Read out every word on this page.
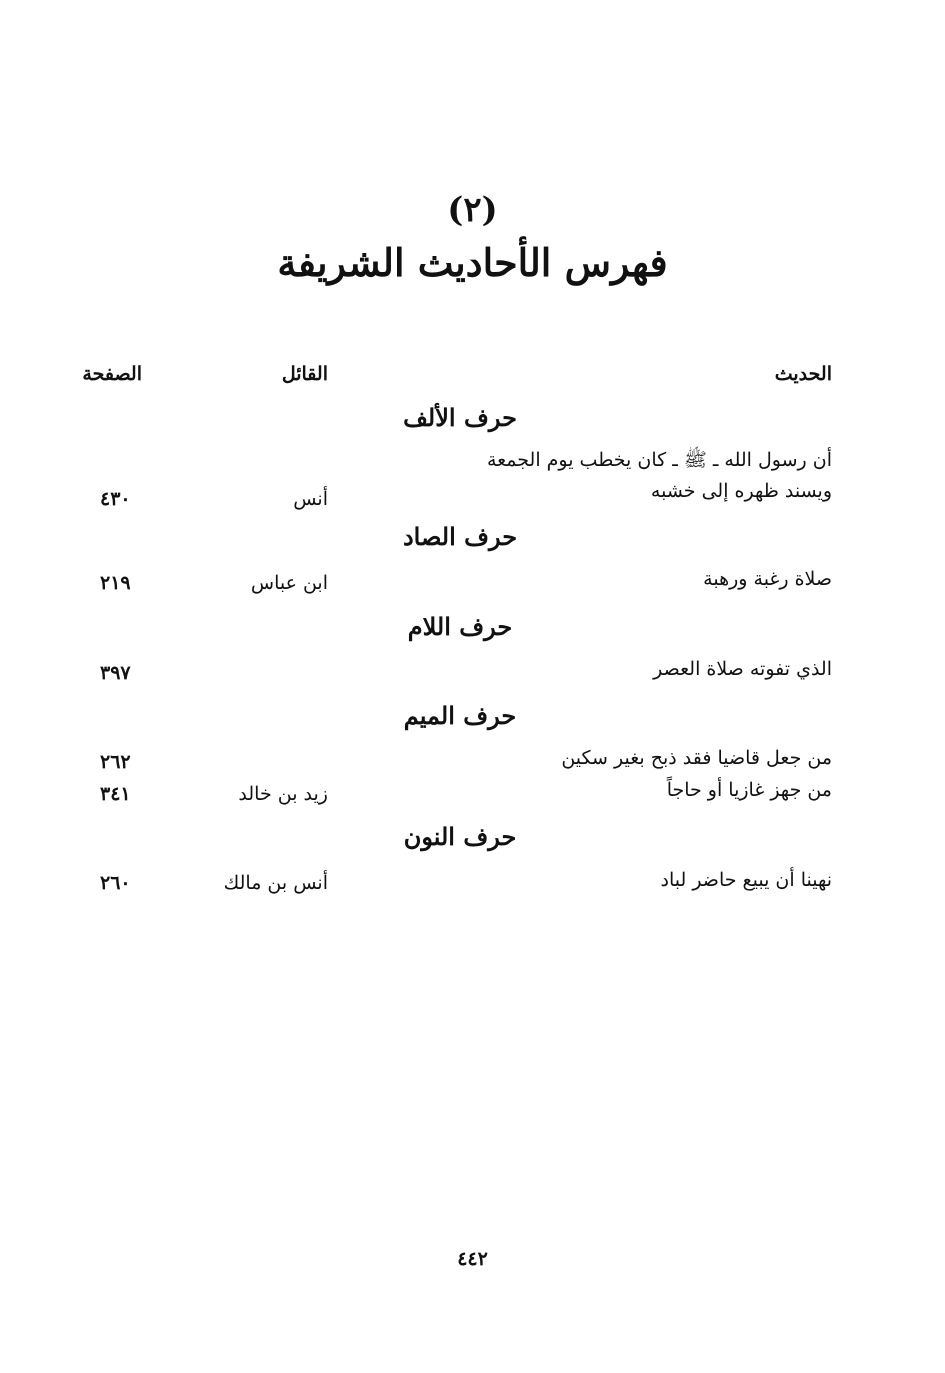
(٢)
فهرس الأحاديث الشريفة
الحديث
القائل
الصفحة
حرف الألف
أن رسول الله ـ ﷺ ـ كان يخطب يوم الجمعة
ويسند ظهره إلى خشبه
أنس
٤٣٠
حرف الصاد
صلاة رغبة ورهبة
ابن عباس
٢١٩
حرف اللام
الذي تفوته صلاة العصر
٣٩٧
حرف الميم
من جعل قاضيا فقد ذبح بغير سكين
٢٦٢
من جهز غازيا أو حاجاً
زيد بن خالد
٣٤١
حرف النون
نهينا أن يبيع حاضر لباد
أنس بن مالك
٢٦٠
٤٤٢
